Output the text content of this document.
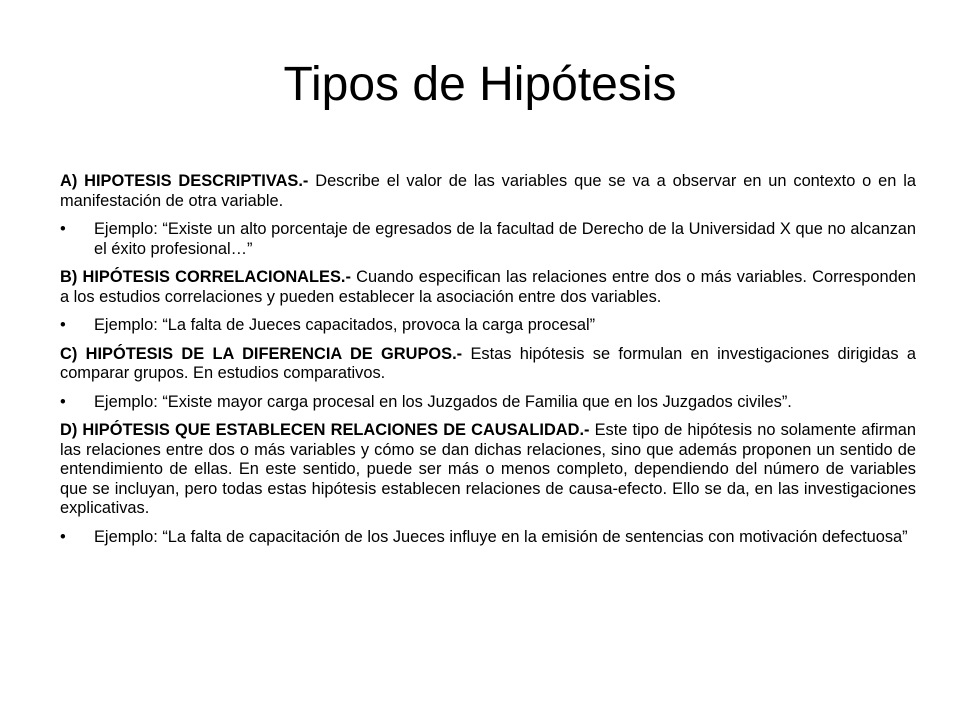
Tipos de Hipótesis

A) HIPOTESIS DESCRIPTIVAS.- Describe el valor de las variables que se va a observar en un contexto o en la manifestación de otra variable.

•	Ejemplo: “Existe un alto porcentaje de egresados de la facultad de Derecho de la Universidad X que no alcanzan el éxito profesional…”

B) HIPÓTESIS CORRELACIONALES.- Cuando especifican las relaciones entre dos o más variables. Corresponden a los estudios correlaciones y pueden establecer la asociación entre dos variables.

•	Ejemplo: “La falta de Jueces capacitados, provoca la carga procesal”

C) HIPÓTESIS DE LA DIFERENCIA DE GRUPOS.- Estas hipótesis se formulan en investigaciones dirigidas a comparar grupos. En estudios comparativos.

•	Ejemplo: “Existe mayor carga procesal en los Juzgados de Familia que en los Juzgados civiles”.

D) HIPÓTESIS QUE ESTABLECEN RELACIONES DE CAUSALIDAD.- Este tipo de hipótesis no solamente afirman las relaciones entre dos o más variables y cómo se dan dichas relaciones, sino que además proponen un sentido de entendimiento de ellas. En este sentido, puede ser más o menos completo, dependiendo del número de variables que se incluyan, pero todas estas hipótesis establecen relaciones de causa-efecto. Ello se da, en las investigaciones explicativas.

•	Ejemplo: “La falta de capacitación de los Jueces influye en la emisión de sentencias con motivación defectuosa”
